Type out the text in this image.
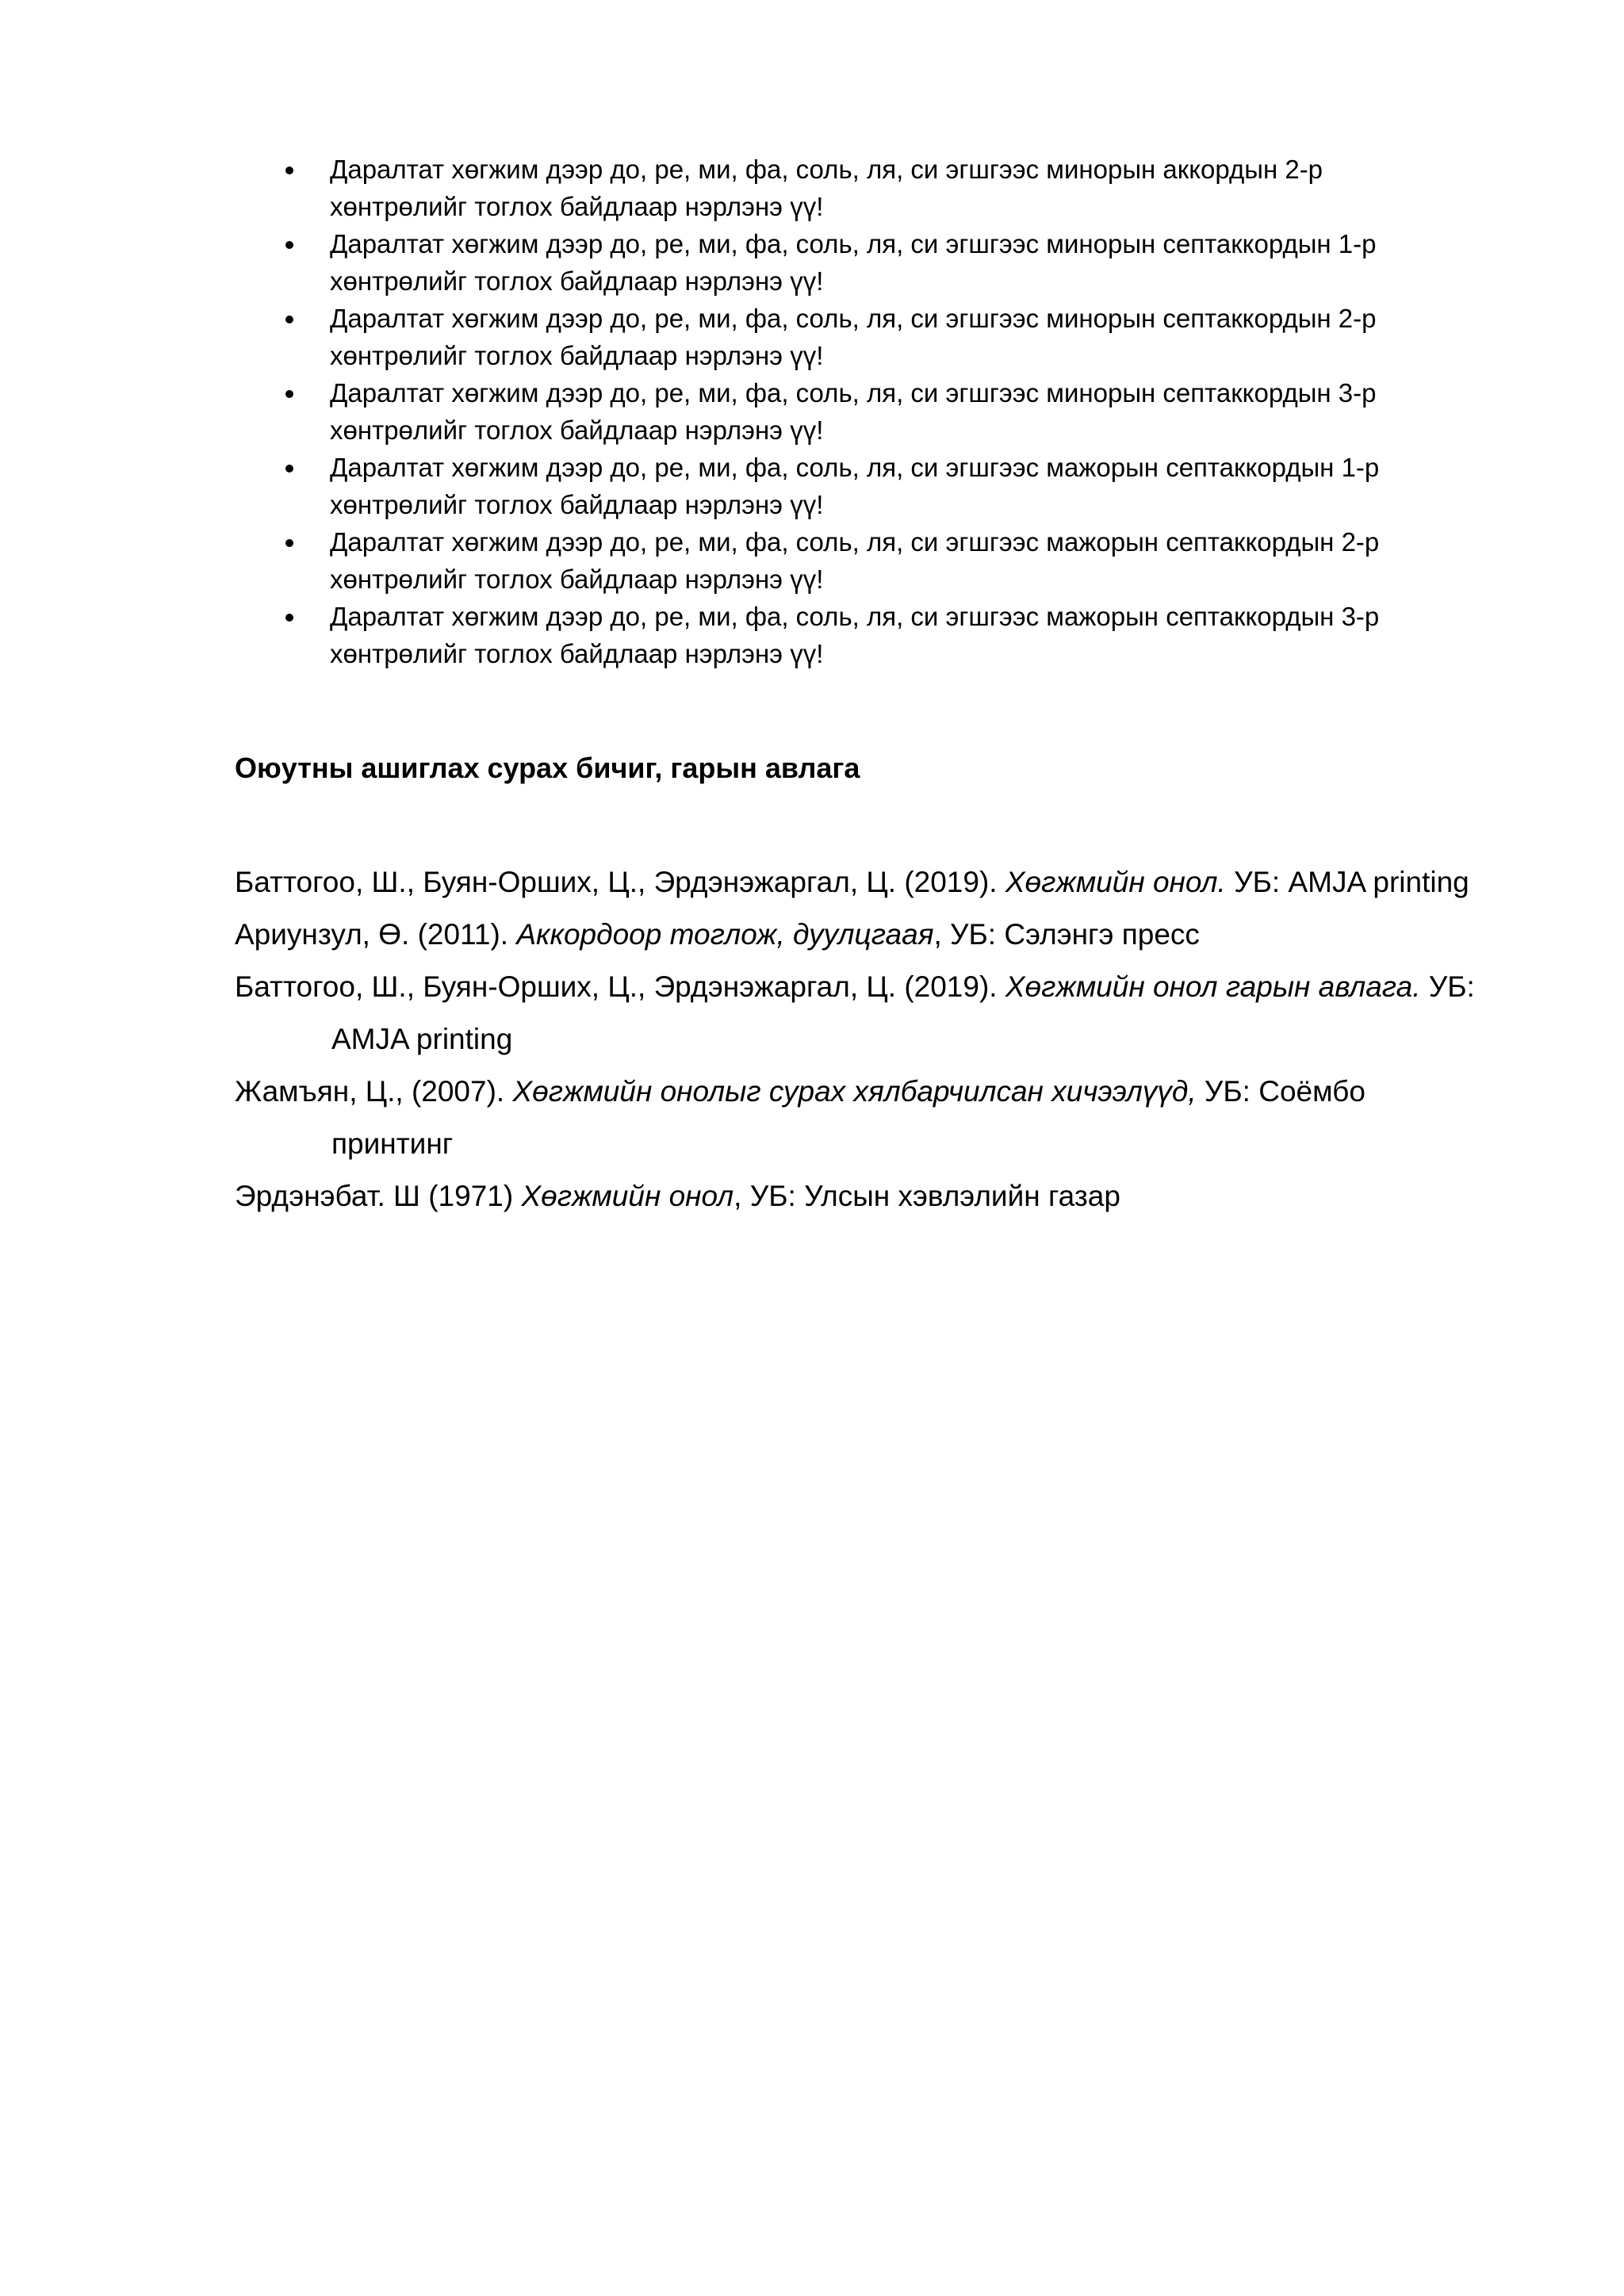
Даралтат хөгжим дээр до, ре, ми, фа, соль, ля, си эгшгээс минорын аккордын 2-р
хөнтрөлийг тоглох байдлаар нэрлэнэ үү!
Даралтат хөгжим дээр до, ре, ми, фа, соль, ля, си эгшгээс минорын септаккордын 1-р
хөнтрөлийг тоглох байдлаар нэрлэнэ үү!
Даралтат хөгжим дээр до, ре, ми, фа, соль, ля, си эгшгээс минорын септаккордын 2-р
хөнтрөлийг тоглох байдлаар нэрлэнэ үү!
Даралтат хөгжим дээр до, ре, ми, фа, соль, ля, си эгшгээс минорын септаккордын 3-р
хөнтрөлийг тоглох байдлаар нэрлэнэ үү!
Даралтат хөгжим дээр до, ре, ми, фа, соль, ля, си эгшгээс мажорын септаккордын 1-р
хөнтрөлийг тоглох байдлаар нэрлэнэ үү!
Даралтат хөгжим дээр до, ре, ми, фа, соль, ля, си эгшгээс мажорын септаккордын 2-р
хөнтрөлийг тоглох байдлаар нэрлэнэ үү!
Даралтат хөгжим дээр до, ре, ми, фа, соль, ля, си эгшгээс мажорын септаккордын 3-р
хөнтрөлийг тоглох байдлаар нэрлэнэ үү!
Оюутны ашиглах сурах бичиг, гарын авлага
Баттогоо, Ш., Буян-Орших, Ц., Эрдэнэжаргал, Ц. (2019). Хөгжмийн онол. УБ: AMJA printing
Ариунзул, Ө. (2011). Аккордоор тоглож, дуулцгаая, УБ: Сэлэнгэ пресс
Баттогоо, Ш., Буян-Орших, Ц., Эрдэнэжаргал, Ц. (2019). Хөгжмийн онол гарын авлага. УБ:
AMJA printing
Жамъян, Ц., (2007). Хөгжмийн онолыг сурах хялбарчилсан хичээлүүд, УБ: Соёмбо
принтинг
Эрдэнэбат. Ш (1971) Хөгжмийн онол, УБ: Улсын хэвлэлийн газар
